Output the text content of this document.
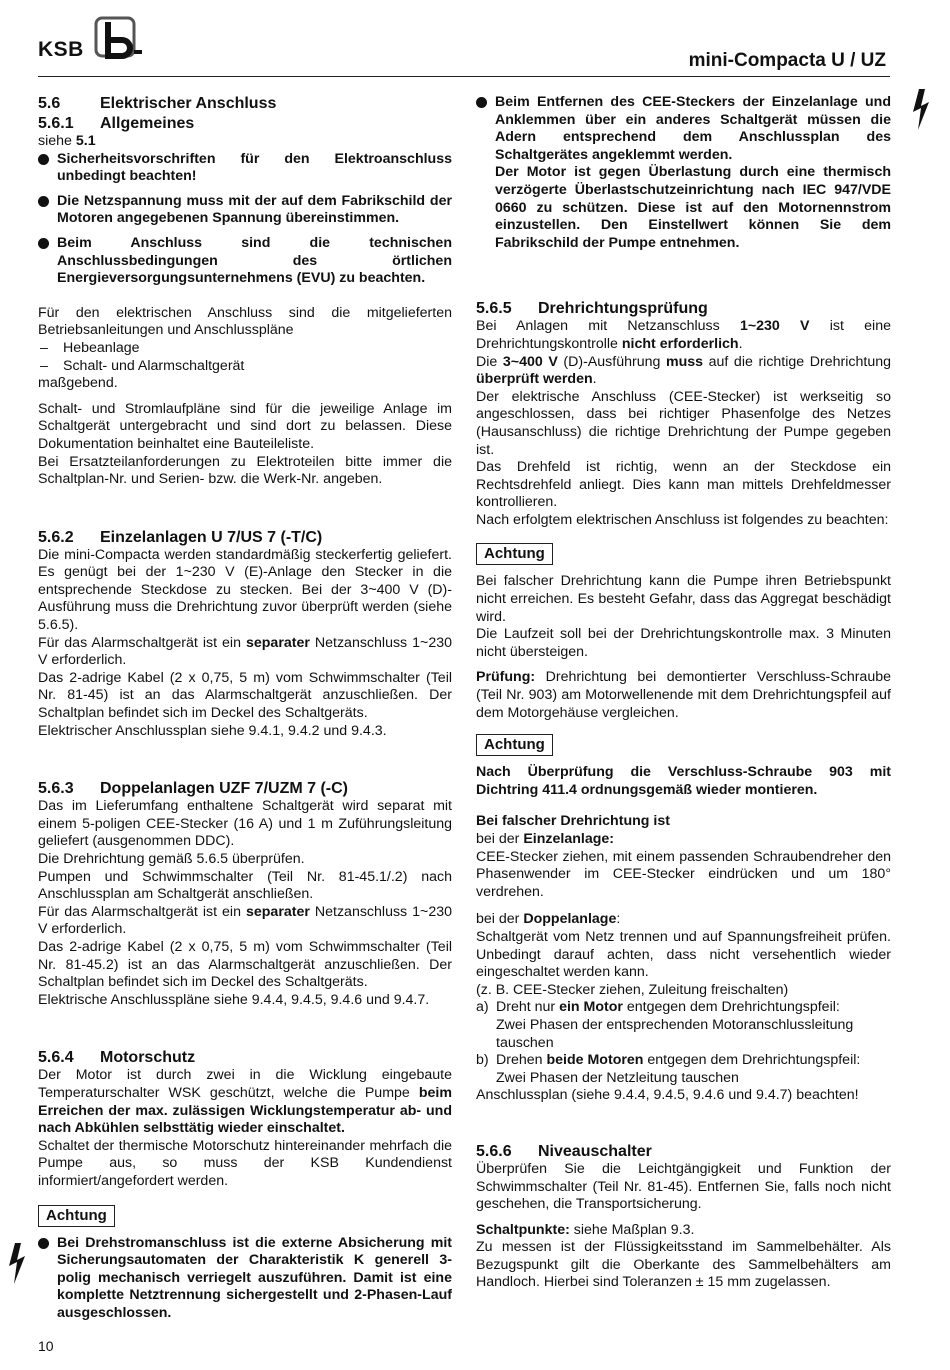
KSB	mini-Compacta U / UZ
5.6	Elektrischer Anschluss
5.6.1	Allgemeines

siehe 5.1

Sicherheitsvorschriften für den Elektroanschluss unbedingt beachten!
Die Netzspannung muss mit der auf dem Fabrikschild der Motoren angegebenen Spannung übereinstimmen.
Beim Anschluss sind die technischen Anschlussbedingungen des örtlichen Energieversorgungsunternehmens (EVU) zu beachten.

Für den elektrischen Anschluss sind die mitgelieferten Betriebsanleitungen und Anschlusspläne

–	Hebeanlage
–	Schalt- und Alarmschaltgerät

maßgebend.

Schalt- und Stromlaufpläne sind für die jeweilige Anlage im Schaltgerät untergebracht und sind dort zu belassen. Diese Dokumentation beinhaltet eine Bauteileliste.

Bei Ersatzteilanforderungen zu Elektroteilen bitte immer die Schaltplan-Nr. und Serien- bzw. die Werk-Nr. angeben.

5.6.2	Einzelanlagen U 7/US 7 (-T/C)

Die mini-Compacta werden standardmäßig steckerfertig geliefert. Es genügt bei der 1~230 V (E)-Anlage den Stecker in die entsprechende Steckdose zu stecken. Bei der 3~400 V (D)-Ausführung muss die Drehrichtung zuvor überprüft werden (siehe 5.6.5).

Für das Alarmschaltgerät ist ein separater Netzanschluss 1~230 V erforderlich.

Das 2-adrige Kabel (2 x 0,75, 5 m) vom Schwimmschalter (Teil Nr. 81-45) ist an das Alarmschaltgerät anzuschließen. Der Schaltplan befindet sich im Deckel des Schaltgeräts.

Elektrischer Anschlussplan siehe 9.4.1, 9.4.2 und 9.4.3.

5.6.3	Doppelanlagen UZF 7/UZM 7 (-C)

Das im Lieferumfang enthaltene Schaltgerät wird separat mit einem 5-poligen CEE-Stecker (16 A) und 1 m Zuführungsleitung geliefert (ausgenommen DDC).

Die Drehrichtung gemäß 5.6.5 überprüfen.

Pumpen und Schwimmschalter (Teil Nr. 81-45.1/.2) nach Anschlussplan am Schaltgerät anschließen.

Für das Alarmschaltgerät ist ein separater Netzanschluss 1~230 V erforderlich.

Das 2-adrige Kabel (2 x 0,75, 5 m) vom Schwimmschalter (Teil Nr. 81-45.2) ist an das Alarmschaltgerät anzuschließen. Der Schaltplan befindet sich im Deckel des Schaltgeräts.

Elektrische Anschlusspläne siehe 9.4.4, 9.4.5, 9.4.6 und 9.4.7.

5.6.4	Motorschutz

Der Motor ist durch zwei in die Wicklung eingebaute Temperaturschalter WSK geschützt, welche die Pumpe beim Erreichen der max. zulässigen Wicklungstemperatur ab- und nach Abkühlen selbsttätig wieder einschaltet.

Schaltet der thermische Motorschutz hintereinander mehrfach die Pumpe aus, so muss der KSB Kundendienst informiert/angefordert werden.

Achtung
Bei Drehstromanschluss ist die externe Absicherung mit Sicherungsautomaten der Charakteristik K generell 3-polig mechanisch verriegelt auszuführen. Damit ist eine komplette Netztrennung sichergestellt und 2-Phasen-Lauf ausgeschlossen.
Beim Entfernen des CEE-Steckers der Einzelanlage und Anklemmen über ein anderes Schaltgerät müssen die Adern entsprechend dem Anschlussplan des Schaltgerätes angeklemmt werden.
Der Motor ist gegen Überlastung durch eine thermisch verzögerte Überlastschutzeinrichtung nach IEC 947/VDE 0660 zu schützen. Diese ist auf den Motornennstrom einzustellen. Den Einstellwert können Sie dem Fabrikschild der Pumpe entnehmen.
5.6.5	Drehrichtungsprüfung

Bei Anlagen mit Netzanschluss 1~230 V ist eine Drehrichtungskontrolle nicht erforderlich.

Die 3~400 V (D)-Ausführung muss auf die richtige Drehrichtung überprüft werden.

Der elektrische Anschluss (CEE-Stecker) ist werkseitig so angeschlossen, dass bei richtiger Phasenfolge des Netzes (Hausanschluss) die richtige Drehrichtung der Pumpe gegeben ist.

Das Drehfeld ist richtig, wenn an der Steckdose ein Rechtsdrehfeld anliegt. Dies kann man mittels Drehfeldmesser kontrollieren.

Nach erfolgtem elektrischen Anschluss ist folgendes zu beachten:

Achtung

Bei falscher Drehrichtung kann die Pumpe ihren Betriebspunkt nicht erreichen. Es besteht Gefahr, dass das Aggregat beschädigt wird.

Die Laufzeit soll bei der Drehrichtungskontrolle max. 3 Minuten nicht übersteigen.

Prüfung: Drehrichtung bei demontierter Verschluss-Schraube (Teil Nr. 903) am Motorwellenende mit dem Drehrichtungspfeil auf dem Motorgehäuse vergleichen.

Achtung

Nach Überprüfung die Verschluss-Schraube 903 mit Dichtring 411.4 ordnungsgemäß wieder montieren.

Bei falscher Drehrichtung ist

bei der Einzelanlage:

CEE-Stecker ziehen, mit einem passenden Schraubendreher den Phasenwender im CEE-Stecker eindrücken und um 180° verdrehen.

bei der Doppelanlage:

Schaltgerät vom Netz trennen und auf Spannungsfreiheit prüfen. Unbedingt darauf achten, dass nicht versehentlich wieder eingeschaltet werden kann.

(z. B. CEE-Stecker ziehen, Zuleitung freischalten)

a) Dreht nur ein Motor entgegen dem Drehrichtungspfeil:
Zwei Phasen der entsprechenden Motoranschlussleitung tauschen
b) Drehen beide Motoren entgegen dem Drehrichtungspfeil:
Zwei Phasen der Netzleitung tauschen

Anschlussplan (siehe 9.4.4, 9.4.5, 9.4.6 und 9.4.7) beachten!

5.6.6	Niveauschalter

Überprüfen Sie die Leichtgängigkeit und Funktion der Schwimmschalter (Teil Nr. 81-45). Entfernen Sie, falls noch nicht geschehen, die Transportsicherung.

Schaltpunkte: siehe Maßplan 9.3.

Zu messen ist der Flüssigkeitsstand im Sammelbehälter. Als Bezugspunkt gilt die Oberkante des Sammelbehälters am Handloch. Hierbei sind Toleranzen ± 15 mm zugelassen.

10
